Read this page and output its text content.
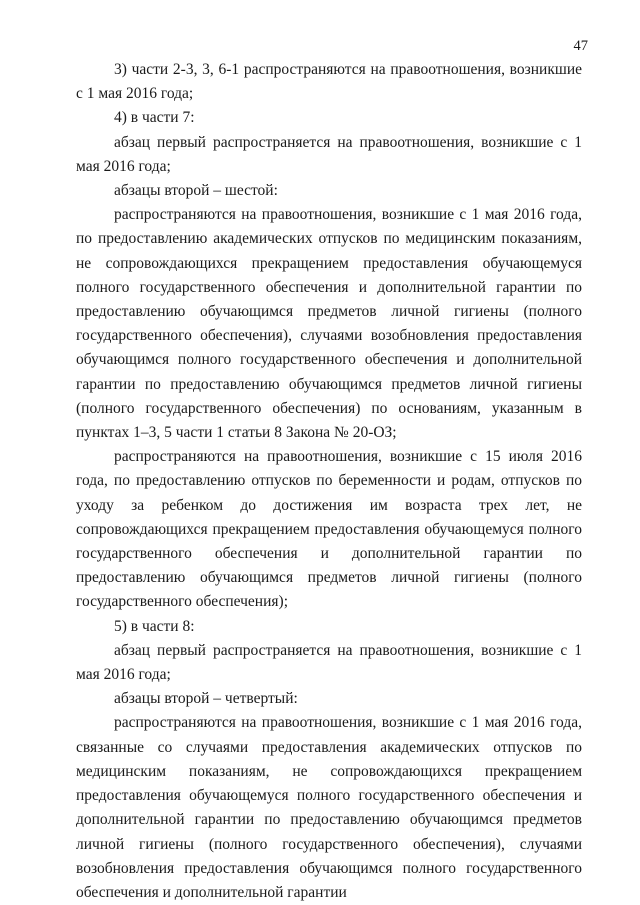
47

3) части 2-3, 3, 6-1 распространяются на правоотношения, возникшие с 1 мая 2016 года;

4) в части 7:

абзац первый распространяется на правоотношения, возникшие с 1 мая 2016 года;

абзацы второй – шестой:

распространяются на правоотношения, возникшие с 1 мая 2016 года, по предоставлению академических отпусков по медицинским показаниям, не сопровождающихся прекращением предоставления обучающемуся полного государственного обеспечения и дополнительной гарантии по предоставлению обучающимся предметов личной гигиены (полного государственного обеспечения), случаями возобновления предоставления обучающимся полного государственного обеспечения и дополнительной гарантии по предоставлению обучающимся предметов личной гигиены (полного государственного обеспечения) по основаниям, указанным в пунктах 1–3, 5 части 1 статьи 8 Закона № 20-ОЗ;

распространяются на правоотношения, возникшие с 15 июля 2016 года, по предоставлению отпусков по беременности и родам, отпусков по уходу за ребенком до достижения им возраста трех лет, не сопровождающихся прекращением предоставления обучающемуся полного государственного обеспечения и дополнительной гарантии по предоставлению обучающимся предметов личной гигиены (полного государственного обеспечения);

5) в части 8:

абзац первый распространяется на правоотношения, возникшие с 1 мая 2016 года;

абзацы второй – четвертый:

распространяются на правоотношения, возникшие с 1 мая 2016 года, связанные со случаями предоставления академических отпусков по медицинским показаниям, не сопровождающихся прекращением предоставления обучающемуся полного государственного обеспечения и дополнительной гарантии по предоставлению обучающимся предметов личной гигиены (полного государственного обеспечения), случаями возобновления предоставления обучающимся полного государственного обеспечения и дополнительной гарантии
